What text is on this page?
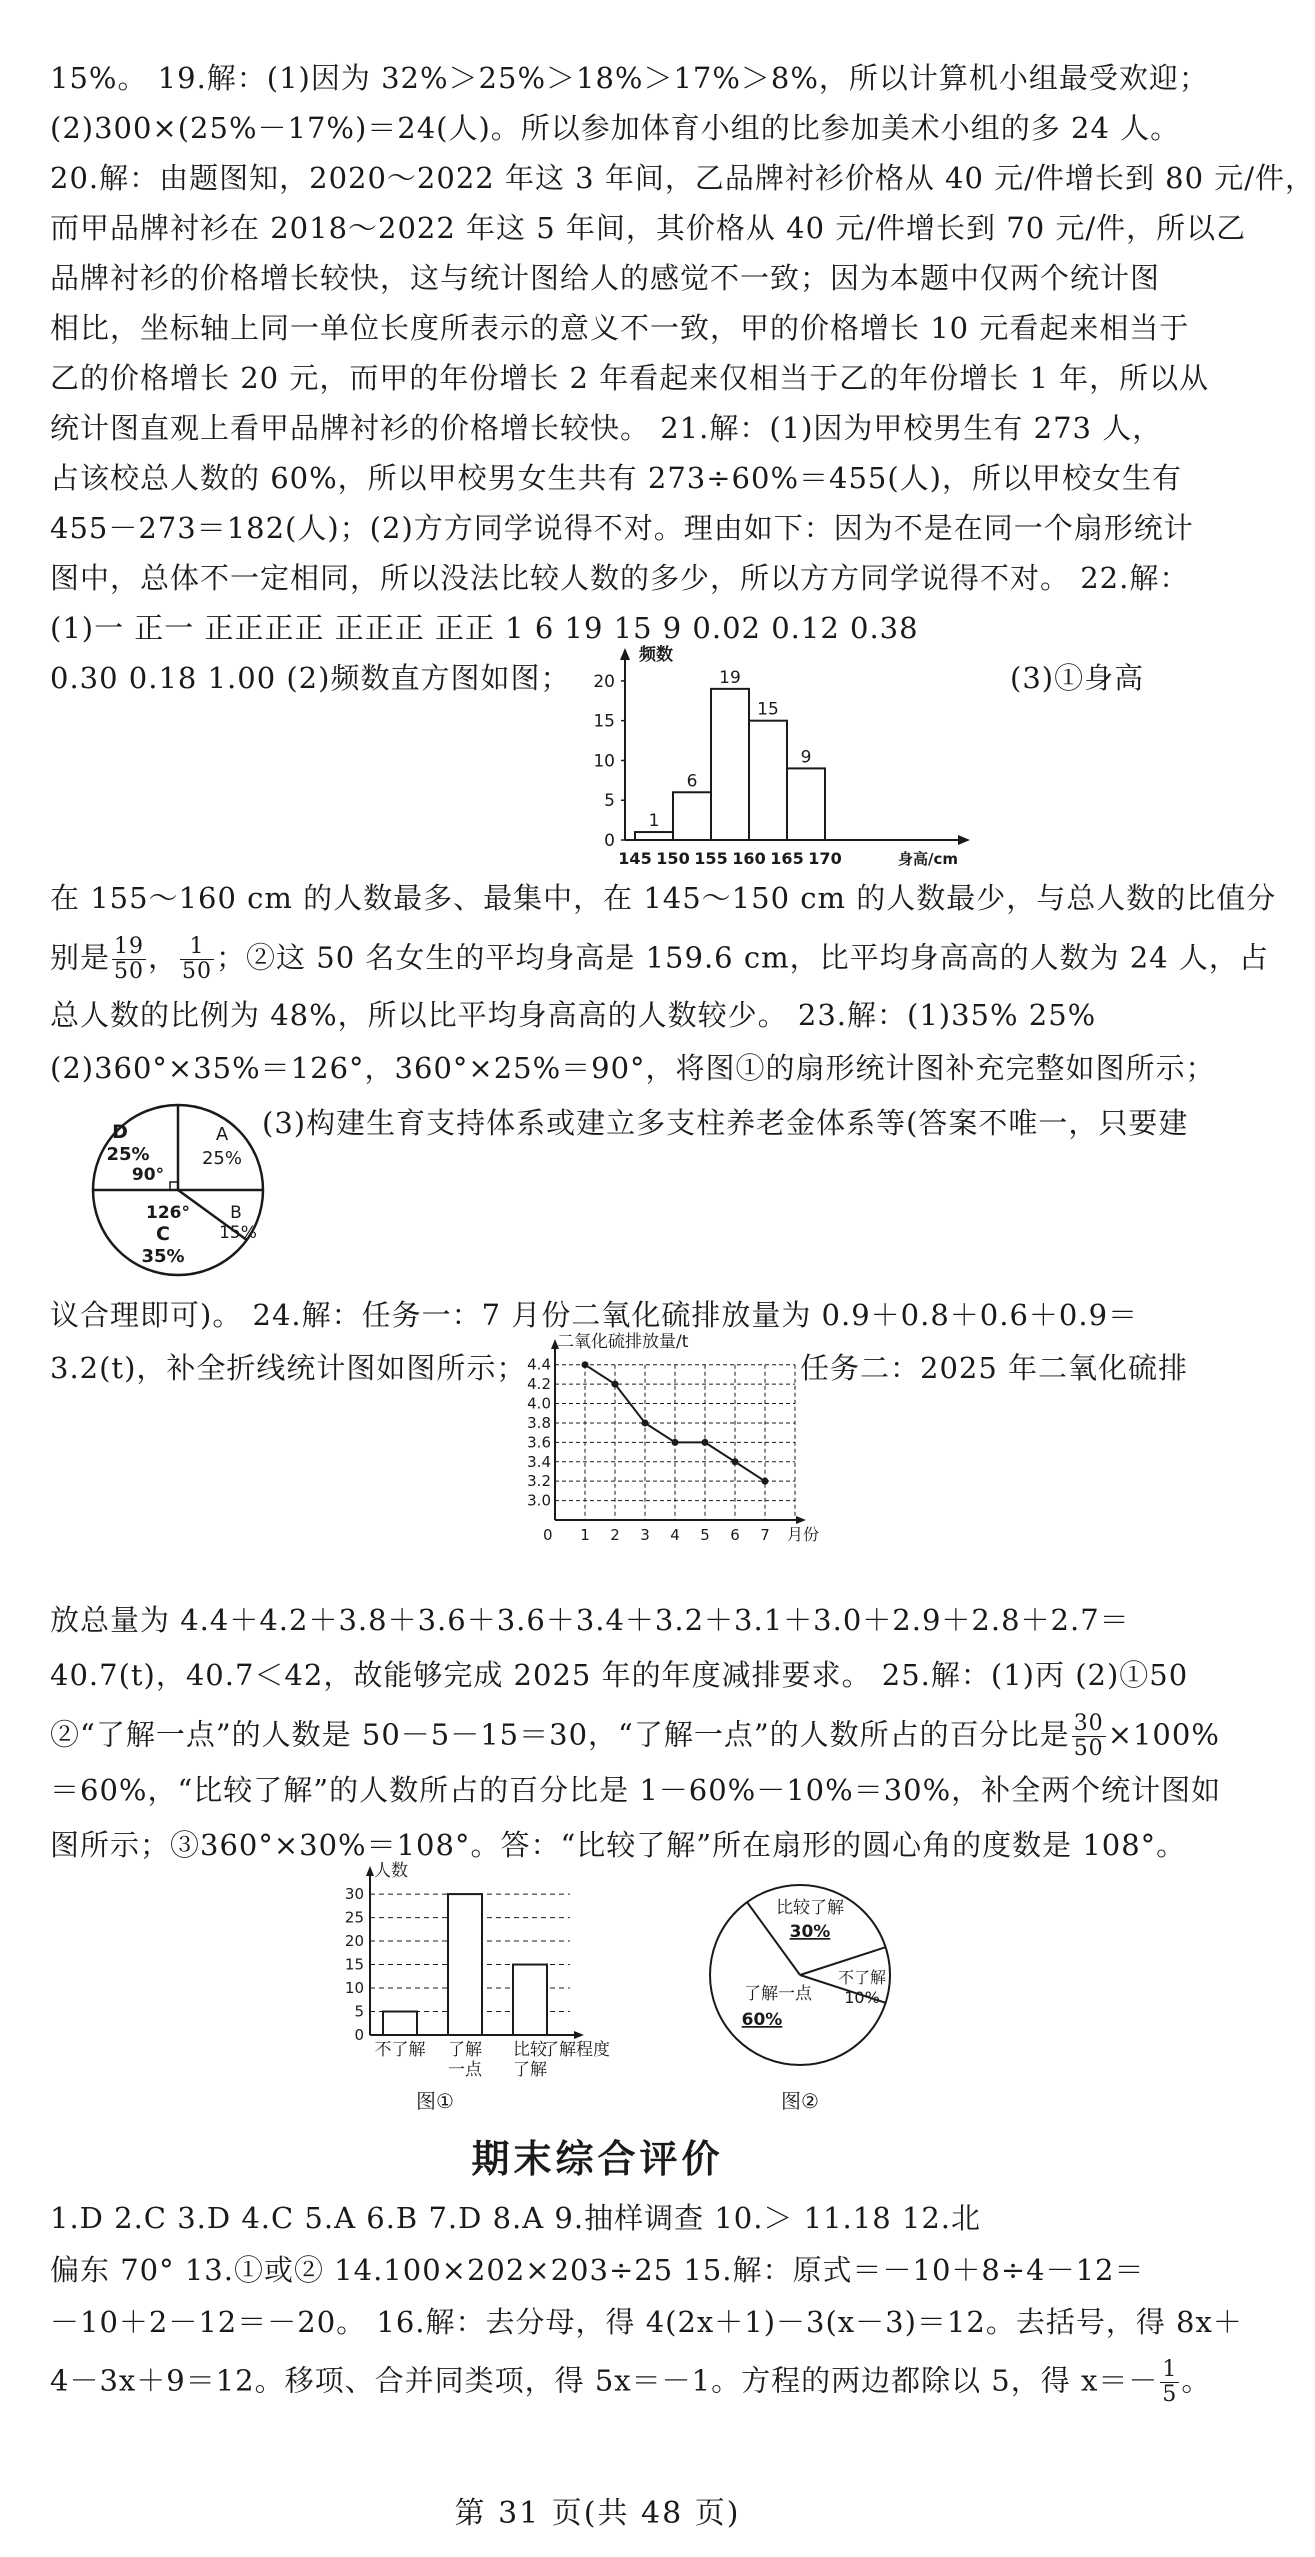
15%。 19.解：(1)因为 32%＞25%＞18%＞17%＞8%，所以计算机小组最受欢迎；
(2)300×(25%－17%)＝24(人)。所以参加体育小组的比参加美术小组的多 24 人。
20.解：由题图知，2020～2022 年这 3 年间，乙品牌衬衫价格从 40 元/件增长到 80 元/件，
而甲品牌衬衫在 2018～2022 年这 5 年间，其价格从 40 元/件增长到 70 元/件，所以乙
品牌衬衫的价格增长较快，这与统计图给人的感觉不一致；因为本题中仅两个统计图
相比，坐标轴上同一单位长度所表示的意义不一致，甲的价格增长 10 元看起来相当于
乙的价格增长 20 元，而甲的年份增长 2 年看起来仅相当于乙的年份增长 1 年，所以从
统计图直观上看甲品牌衬衫的价格增长较快。 21.解：(1)因为甲校男生有 273 人，
占该校总人数的 60%，所以甲校男女生共有 273÷60%＝455(人)，所以甲校女生有
455－273＝182(人)；(2)方方同学说得不对。理由如下：因为不是在同一个扇形统计
图中，总体不一定相同，所以没法比较人数的多少，所以方方同学说得不对。 22.解：
(1)一 正一 正正正正 正正正 正正 1 6 19 15 9 0.02 0.12 0.38
0.30 0.18 1.00 (2)频数直方图如图；	(3)①身高
在 155～160 cm 的人数最多、最集中，在 145～150 cm 的人数最少，与总人数的比值分
别是 $\frac{19}{50}$ ， $\frac{1}{50}$ ；②这 50 名女生的平均身高是 159.6 cm，比平均身高高的人数为 24 人，占
总人数的比例为 48%，所以比平均身高高的人数较少。 23.解：(1)35% 25%
(2)360°×35%＝126°，360°×25%＝90°，将图①的扇形统计图补充完整如图所示；
(3)构建生育支持体系或建立多支柱养老金体系等(答案不唯一，只要建
议合理即可)。 24.解：任务一：7 月份二氧化硫排放量为 0.9＋0.8＋0.6＋0.9＝
3.2(t)，补全折线统计图如图所示；	任务二：2025 年二氧化硫排
放总量为 4.4＋4.2＋3.8＋3.6＋3.6＋3.4＋3.2＋3.1＋3.0＋2.9＋2.8＋2.7＝
40.7(t)，40.7＜42，故能够完成 2025 年的年度减排要求。 25.解：(1)丙 (2)①50
②“了解一点”的人数是 50－5－15＝30，“了解一点”的人数所占的百分比是 $\frac{30}{50} \times 100\%$
＝60%，“比较了解”的人数所占的百分比是 1－60%－10%＝30%，补全两个统计图如
图所示；③360°×30%＝108°。答：“比较了解”所在扇形的圆心角的度数是 108°。
期末综合评价
1.D 2.C 3.D 4.C 5.A 6.B 7.D 8.A 9.抽样调查 10.＞ 11.18 12.北
偏东 70° 13.①或② 14.100×202×203÷25 15.解：原式＝－10＋8÷4－12＝
－10＋2－12＝－20。 16.解：去分母，得 4(2x＋1)－3(x－3)＝12。去括号，得 8x＋
4－3x＋9＝12。移项、合并同类项，得 5x＝－1。方程的两边都除以 5，得 $x=- \frac{1}{5}$ 。
第 31 页(共 48 页)
频数
身高/cm
0
5
10
15
20
1
6
19
15
9
145 150 155 160 165 170
A
25%
B
15%
126°
C
35%
D
25%
90°
3.0
3.2
3.4
3.6
3.8
4.0
4.2
4.4
二氧化硫排放量/t
0 1 2 3 4 5 6 7 月份
0
5
10
15
20
25
30
人数
了解程度
不了解 了解
一点
比较
了解
图①
比较了解
30%
不了解
10%
了解一点
60%
图②
